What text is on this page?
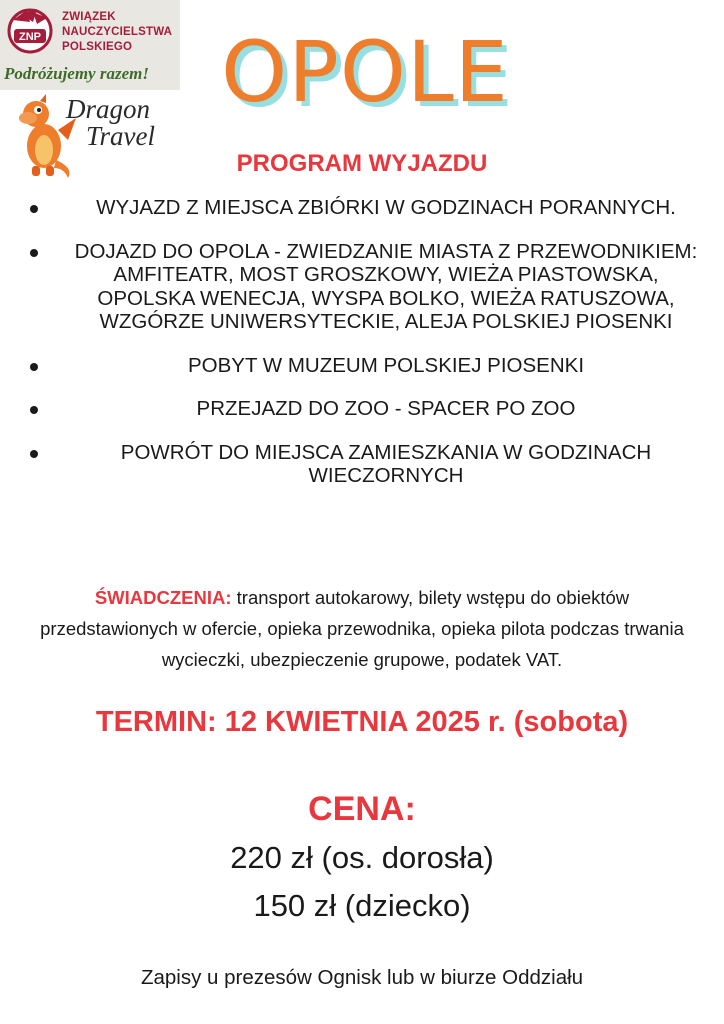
ZNP
ZWIĄZEK
NAUCZYCIELSTWA
POLSKIEGO
Podróżujemy razem!
Dragon
Travel
OPOLE
PROGRAM WYJAZDU
WYJAZD Z MIEJSCA ZBIÓRKI W GODZINACH PORANNYCH.
DOJAZD DO OPOLA - ZWIEDZANIE MIASTA Z PRZEWODNIKIEM: AMFITEATR, MOST GROSZKOWY, WIEŻA PIASTOWSKA, OPOLSKA WENECJA, WYSPA BOLKO, WIEŻA RATUSZOWA, WZGÓRZE UNIWERSYTECKIE, ALEJA POLSKIEJ PIOSENKI
POBYT W MUZEUM POLSKIEJ PIOSENKI
PRZEJAZD DO ZOO - SPACER PO ZOO
POWRÓT DO MIEJSCA ZAMIESZKANIA W GODZINACH WIECZORNYCH
ŚWIADCZENIA: transport autokarowy, bilety wstępu do obiektów przedstawionych w ofercie, opieka przewodnika, opieka pilota podczas trwania wycieczki, ubezpieczenie grupowe, podatek VAT.
TERMIN: 12 KWIETNIA 2025 r. (sobota)
CENA:
220 zł (os. dorosła)
150 zł (dziecko)
Zapisy u prezesów Ognisk lub w biurze Oddziału
